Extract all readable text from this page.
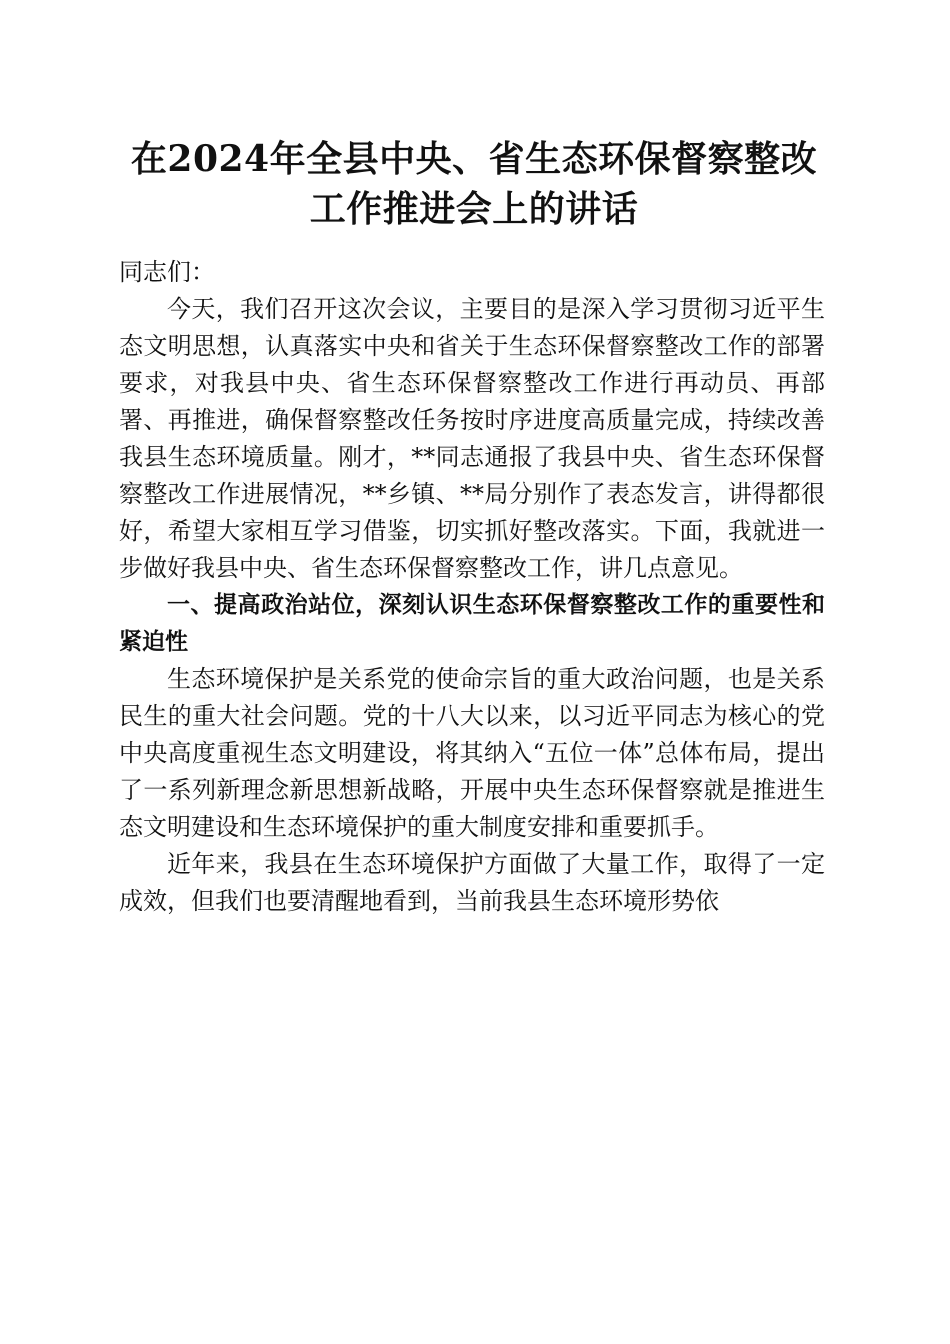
在2024年全县中央、省生态环保督察整改工作推进会上的讲话

同志们：

今天，我们召开这次会议，主要目的是深入学习贯彻习近平生态文明思想，认真落实中央和省关于生态环保督察整改工作的部署要求，对我县中央、省生态环保督察整改工作进行再动员、再部署、再推进，确保督察整改任务按时序进度高质量完成，持续改善我县生态环境质量。刚才，**同志通报了我县中央、省生态环保督察整改工作进展情况，**乡镇、**局分别作了表态发言，讲得都很好，希望大家相互学习借鉴，切实抓好整改落实。下面，我就进一步做好我县中央、省生态环保督察整改工作，讲几点意见。

一、提高政治站位，深刻认识生态环保督察整改工作的重要性和紧迫性

生态环境保护是关系党的使命宗旨的重大政治问题，也是关系民生的重大社会问题。党的十八大以来，以习近平同志为核心的党中央高度重视生态文明建设，将其纳入“五位一体”总体布局，提出了一系列新理念新思想新战略，开展中央生态环保督察就是推进生态文明建设和生态环境保护的重大制度安排和重要抓手。

近年来，我县在生态环境保护方面做了大量工作，取得了一定成效，但我们也要清醒地看到，当前我县生态环境形势依
